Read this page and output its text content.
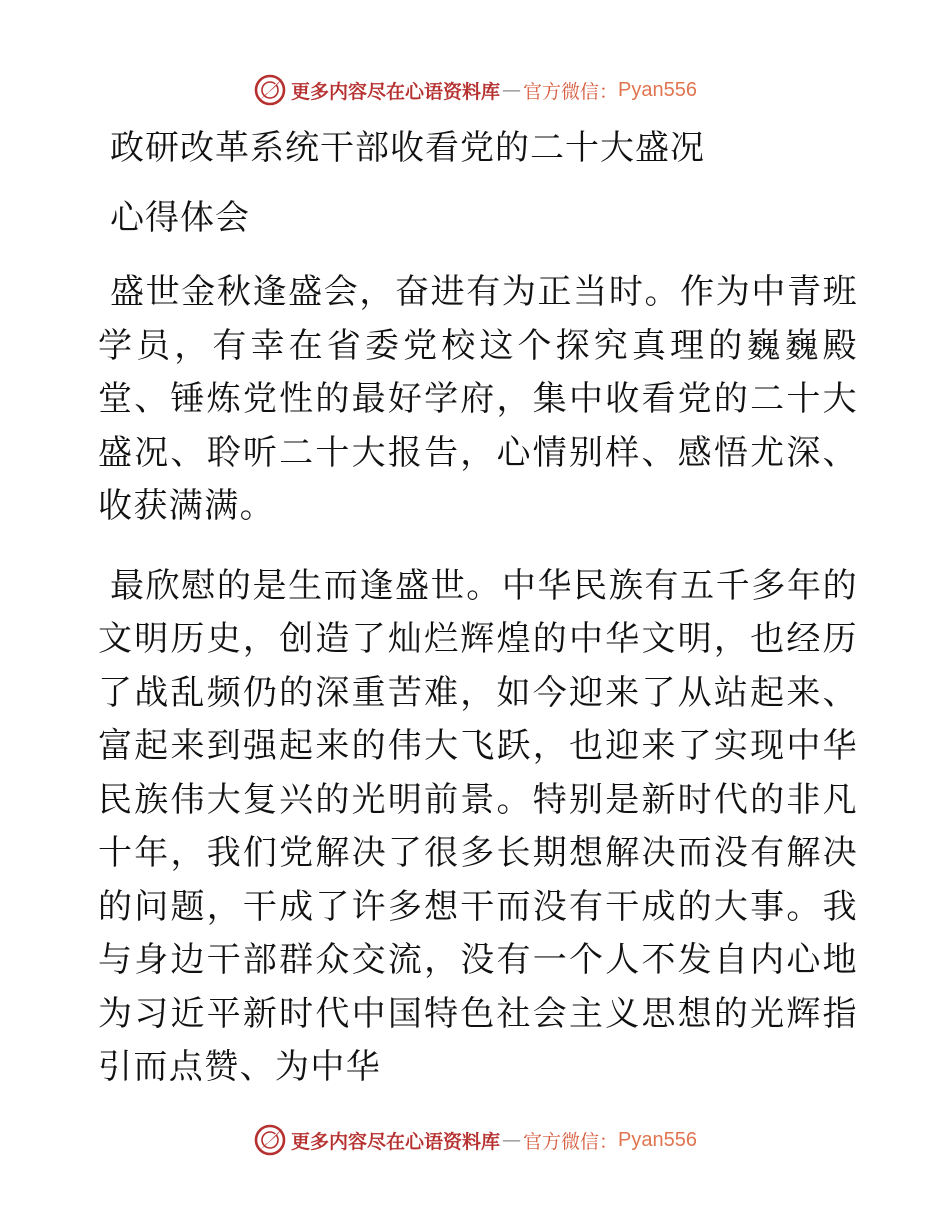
更多内容尽在心语资料库 — 官方微信： Pyan556
政研改革系统干部收看党的二十大盛况
心得体会

盛世金秋逢盛会，奋进有为正当时。作为中青班学员，有幸在省委党校这个探究真理的巍巍殿堂、锤炼党性的最好学府，集中收看党的二十大盛况、聆听二十大报告，心情别样、感悟尤深、收获满满。

最欣慰的是生而逢盛世。中华民族有五千多年的文明历史，创造了灿烂辉煌的中华文明，也经历了战乱频仍的深重苦难，如今迎来了从站起来、富起来到强起来的伟大飞跃，也迎来了实现中华民族伟大复兴的光明前景。特别是新时代的非凡十年，我们党解决了很多长期想解决而没有解决的问题，干成了许多想干而没有干成的大事。我与身边干部群众交流，没有一个人不发自内心地为习近平新时代中国特色社会主义思想的光辉指引而点赞、为中华

更多内容尽在心语资料库 — 官方微信： Pyan556
